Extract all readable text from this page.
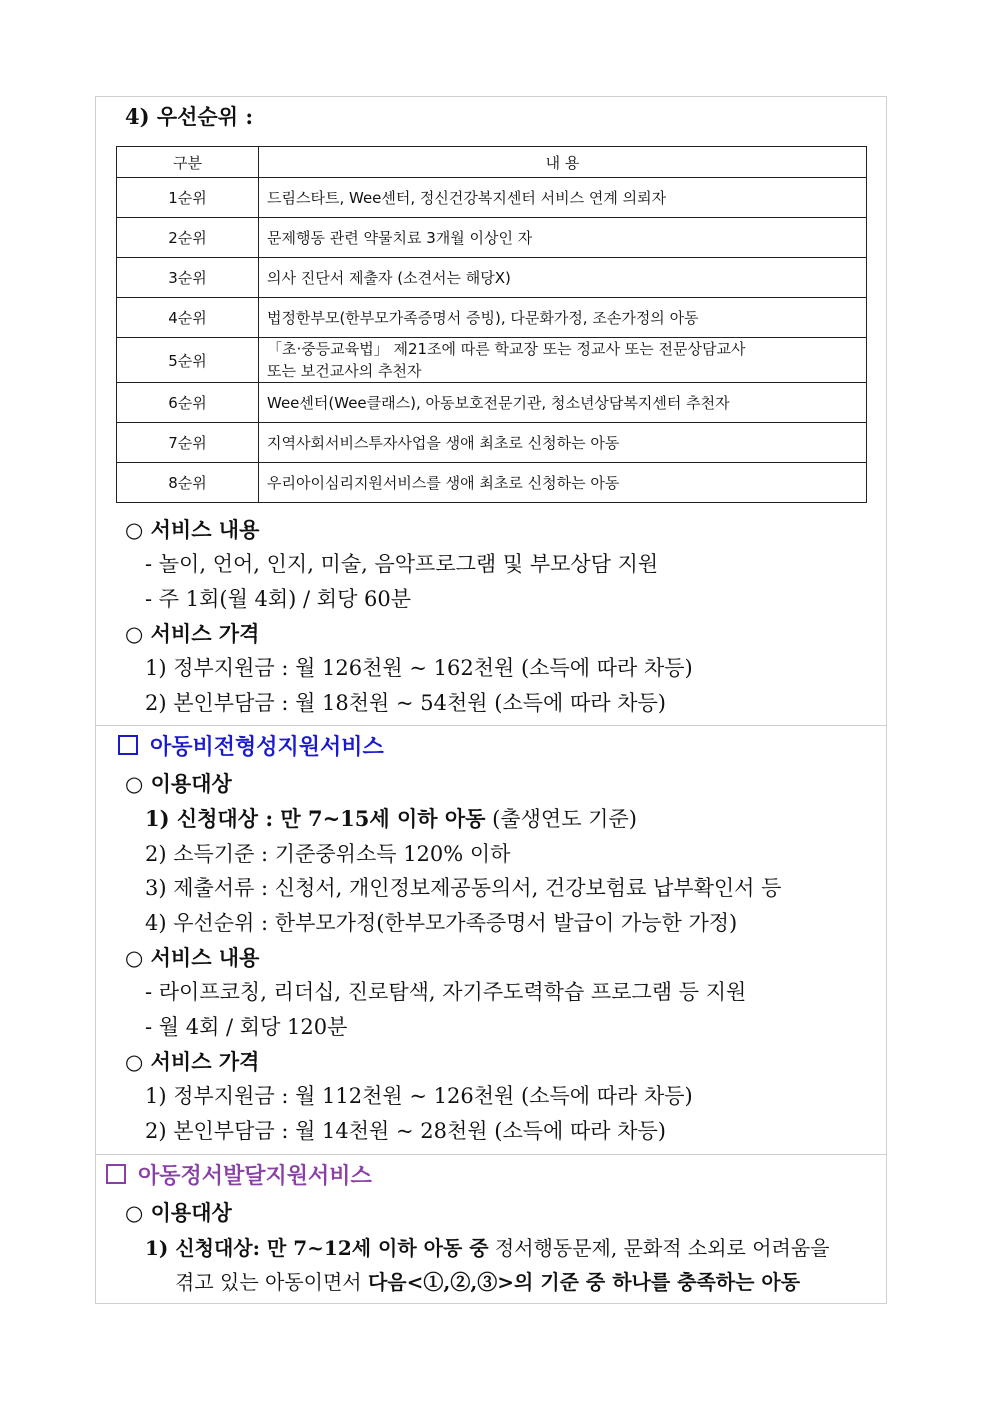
4) 우선순위 :
구분	내 용
1순위	드림스타트, Wee센터, 정신건강복지센터 서비스 연계 의뢰자
2순위	문제행동 관련 약물치료 3개월 이상인 자
3순위	의사 진단서 제출자 (소견서는 해당X)
4순위	법정한부모(한부모가족증명서 증빙), 다문화가정, 조손가정의 아동
5순위	「초·중등교육법」 제21조에 따른 학교장 또는 정교사 또는 전문상담교사
또는 보건교사의 추천자

6순위	Wee센터(Wee클래스), 아동보호전문기관, 청소년상담복지센터 추천자
7순위	지역사회서비스투자사업을 생애 최초로 신청하는 아동
8순위	우리아이심리지원서비스를 생애 최초로 신청하는 아동
○ 서비스 내용
- 놀이, 언어, 인지, 미술, 음악프로그램 및 부모상담 지원
- 주 1회(월 4회) / 회당 60분
○ 서비스 가격
1) 정부지원금 : 월 126천원 ~ 162천원 (소득에 따라 차등)
2) 본인부담금 : 월 18천원 ~ 54천원 (소득에 따라 차등)
아동비전형성지원서비스
○ 이용대상
1) 신청대상 : 만 7~15세 이하 아동 (출생연도 기준)
2) 소득기준 : 기준중위소득 120% 이하
3) 제출서류 : 신청서, 개인정보제공동의서, 건강보험료 납부확인서 등
4) 우선순위 : 한부모가정(한부모가족증명서 발급이 가능한 가정)
○ 서비스 내용
- 라이프코칭, 리더십, 진로탐색, 자기주도력학습 프로그램 등 지원
- 월 4회 / 회당 120분
○ 서비스 가격
1) 정부지원금 : 월 112천원 ~ 126천원 (소득에 따라 차등)
2) 본인부담금 : 월 14천원 ~ 28천원 (소득에 따라 차등)
아동정서발달지원서비스
○ 이용대상
1) 신청대상: 만 7~12세 이하 아동 중 정서행동문제, 문화적 소외로 어려움을
겪고 있는 아동이면서 다음<①,②,③>의 기준 중 하나를 충족하는 아동
